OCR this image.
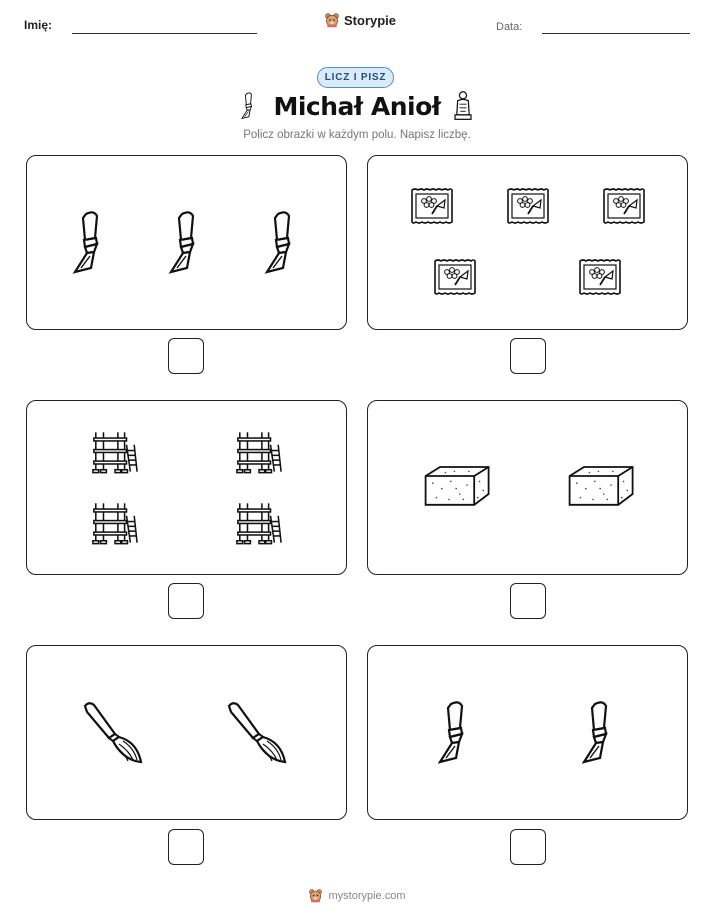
Imię:	Storypie	Data:
LICZ I PISZ
Michał Anioł
Policz obrazki w każdym polu. Napisz liczbę.
mystorypie.com
